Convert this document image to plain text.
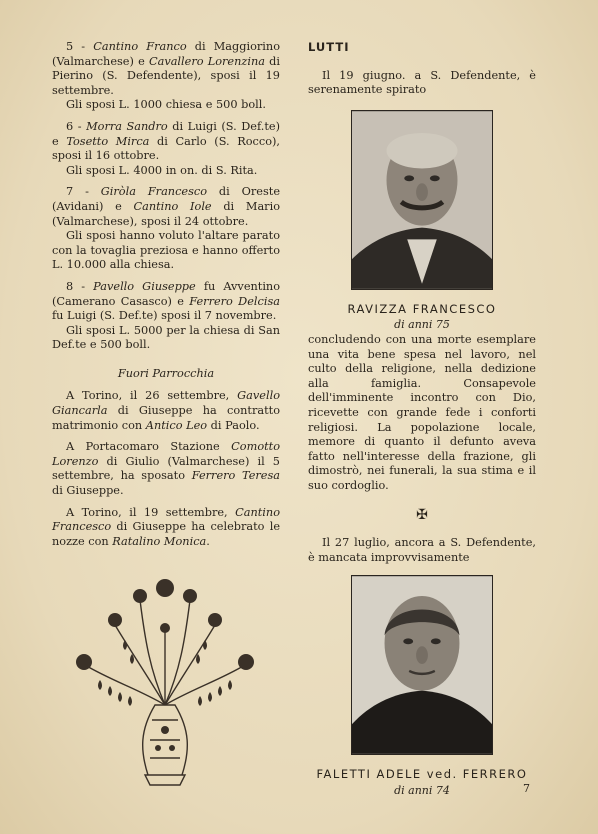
5 - Cantino Franco di Maggiorino (Valmarchese) e Cavallero Lorenzina di Pierino (S. Defendente), sposi il 19 settembre.

Gli sposi L. 1000 chiesa e 500 boll.

6 - Morra Sandro di Luigi (S. Def.te) e Tosetto Mirca di Carlo (S. Rocco), sposi il 16 ottobre.

Gli sposi L. 4000 in on. di S. Rita.

7 - Giròla Francesco di Oreste (Avidani) e Cantino Iole di Mario (Valmarchese), sposi il 24 ottobre.

Gli sposi hanno voluto l'altare parato con la tovaglia preziosa e hanno offerto L. 10.000 alla chiesa.

8 - Pavello Giuseppe fu Avventino (Camerano Casasco) e Ferrero Delcisa fu Luigi (S. Def.te) sposi il 7 novembre.

Gli sposi L. 5000 per la chiesa di San Def.te e 500 boll.

Fuori Parrocchia

A Torino, il 26 settembre, Gavello Giancarla di Giuseppe ha contratto matrimonio con Antico Leo di Paolo.

A Portacomaro Stazione Comotto Lorenzo di Giulio (Valmarchese) il 5 settembre, ha sposato Ferrero Teresa di Giuseppe.

A Torino, il 19 settembre, Cantino Francesco di Giuseppe ha celebrato le nozze con Ratalino Monica.

LUTTI

Il 19 giugno. a S. Defendente, è serenamente spirato

RAVIZZA FRANCESCO
di anni 75

concludendo con una morte esemplare una vita bene spesa nel lavoro, nel culto della religione, nella dedizione alla famiglia. Consapevole dell'imminente incontro con Dio, ricevette con grande fede i conforti religiosi. La popolazione locale, memore di quanto il defunto aveva fatto nell'interesse della frazione, gli dimostrò, nei funerali, la sua stima e il suo cordoglio.

✠

Il 27 luglio, ancora a S. Defendente, è mancata improvvisamente

FALETTI ADELE ved. FERRERO
di anni 74	7
